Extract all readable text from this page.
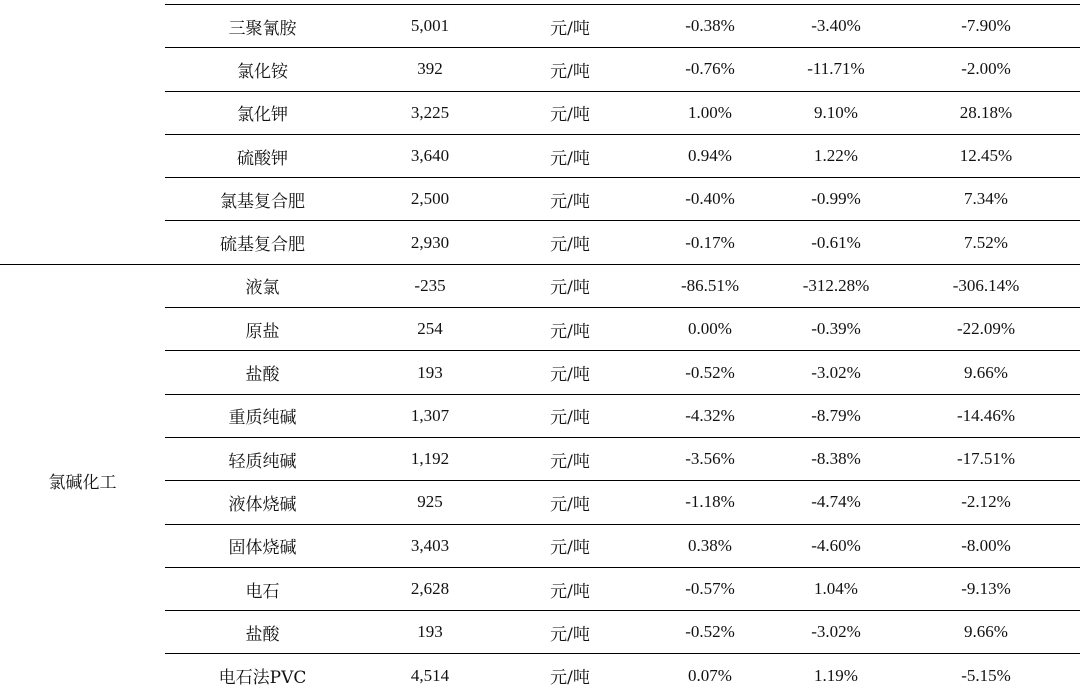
	三聚氰胺	5,001	元/吨	-0.38%	-3.40%	-7.90%
	氯化铵	392	元/吨	-0.76%	-11.71%	-2.00%
	氯化钾	3,225	元/吨	1.00%	9.10%	28.18%
	硫酸钾	3,640	元/吨	0.94%	1.22%	12.45%
	氯基复合肥	2,500	元/吨	-0.40%	-0.99%	7.34%
	硫基复合肥	2,930	元/吨	-0.17%	-0.61%	7.52%
氯碱化工	液氯	-235	元/吨	-86.51%	-312.28%	-306.14%
	原盐	254	元/吨	0.00%	-0.39%	-22.09%
	盐酸	193	元/吨	-0.52%	-3.02%	9.66%
	重质纯碱	1,307	元/吨	-4.32%	-8.79%	-14.46%
	轻质纯碱	1,192	元/吨	-3.56%	-8.38%	-17.51%
	液体烧碱	925	元/吨	-1.18%	-4.74%	-2.12%
	固体烧碱	3,403	元/吨	0.38%	-4.60%	-8.00%
	电石	2,628	元/吨	-0.57%	1.04%	-9.13%
	盐酸	193	元/吨	-0.52%	-3.02%	9.66%
	电石法PVC	4,514	元/吨	0.07%	1.19%	-5.15%
